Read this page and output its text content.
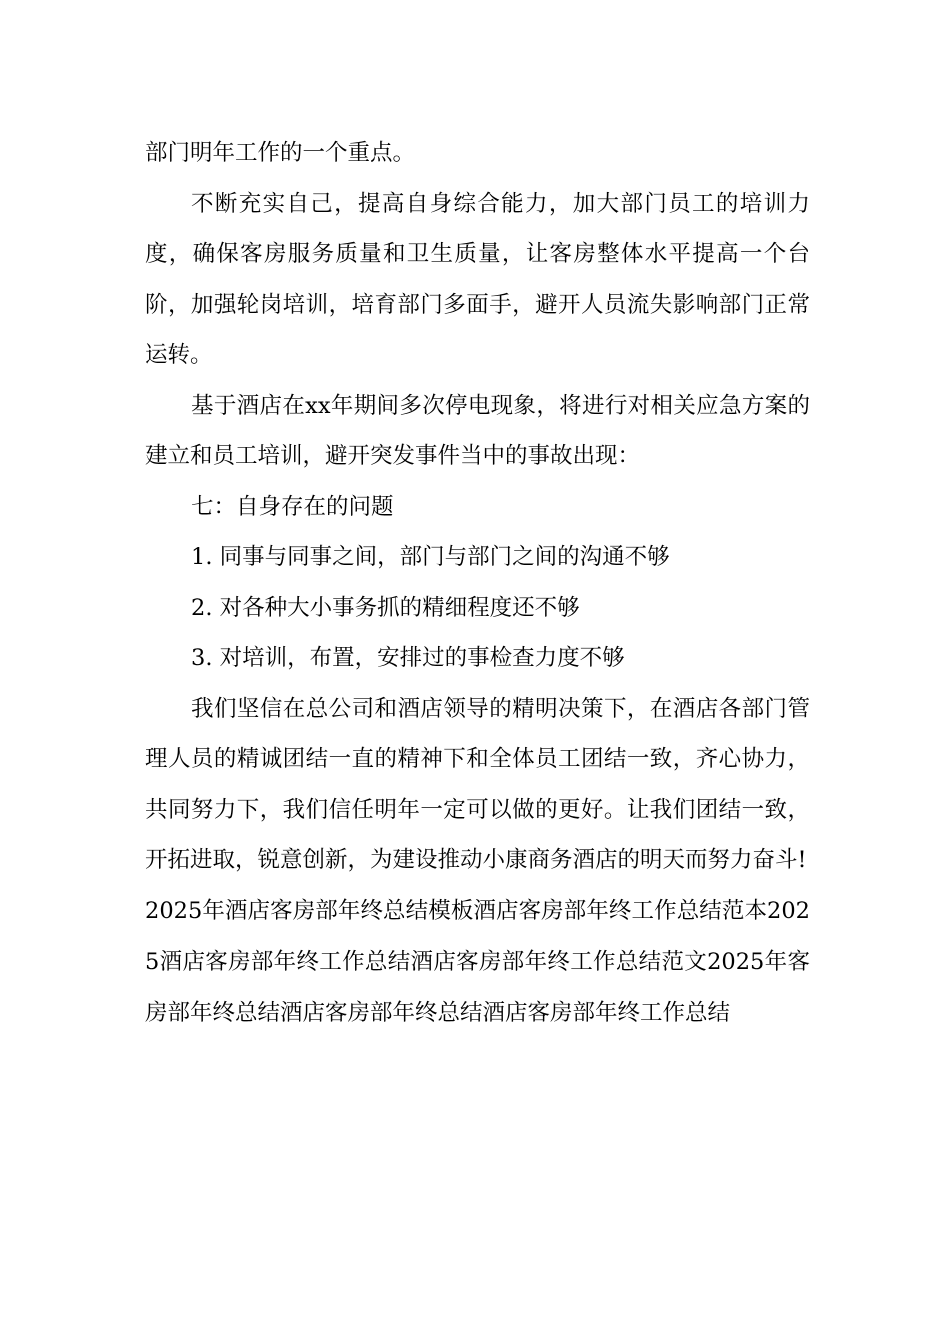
部门明年工作的一个重点。

不断充实自己，提高自身综合能力，加大部门员工的培训力度，确保客房服务质量和卫生质量，让客房整体水平提高一个台阶，加强轮岗培训，培育部门多面手，避开人员流失影响部门正常运转。

基于酒店在xx年期间多次停电现象，将进行对相关应急方案的建立和员工培训，避开突发事件当中的事故出现：

七：自身存在的问题

1. 同事与同事之间，部门与部门之间的沟通不够

2. 对各种大小事务抓的精细程度还不够

3. 对培训，布置，安排过的事检查力度不够

我们坚信在总公司和酒店领导的精明决策下，在酒店各部门管理人员的精诚团结一直的精神下和全体员工团结一致，齐心协力，共同努力下，我们信任明年一定可以做的更好。让我们团结一致，开拓进取，锐意创新，为建设推动小康商务酒店的明天而努力奋斗!

2025年酒店客房部年终总结模板酒店客房部年终工作总结范本2025酒店客房部年终工作总结酒店客房部年终工作总结范文2025年客房部年终总结酒店客房部年终总结酒店客房部年终工作总结
